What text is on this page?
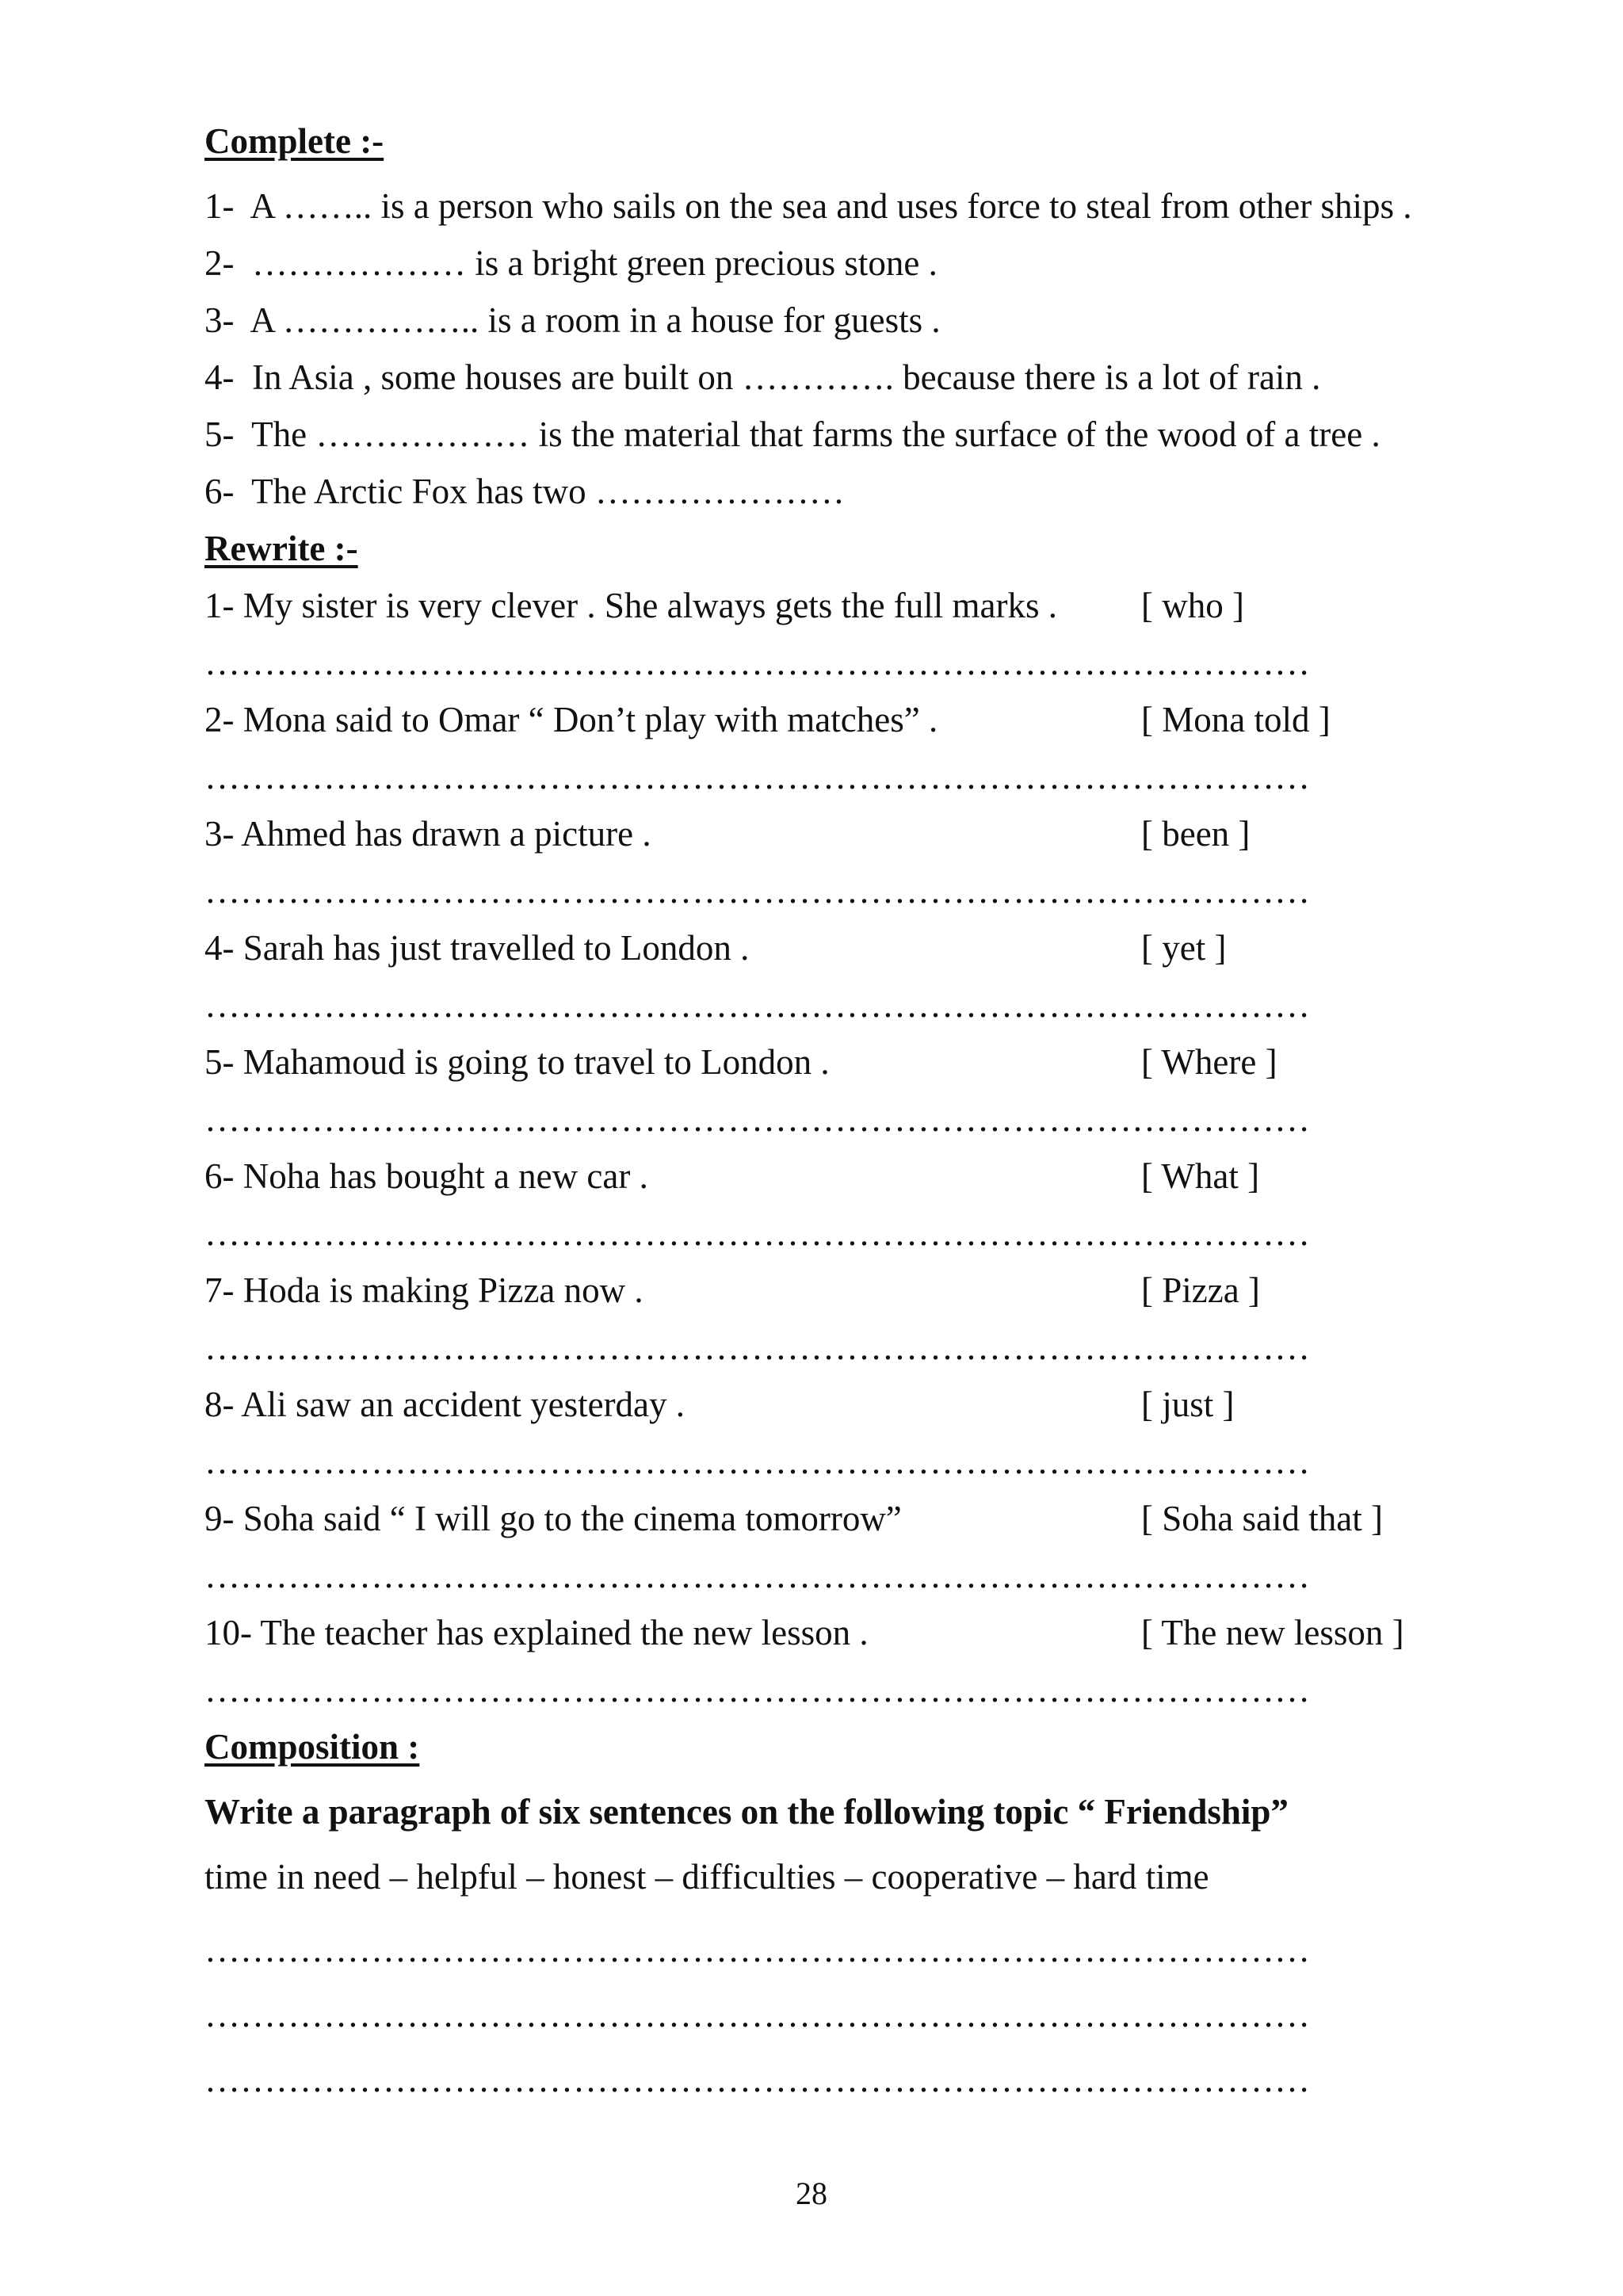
Complete :-
1-  A …….. is a person who sails on the sea and uses force to steal from other ships .
2-  ……………… is a bright green precious stone .
3-  A …………….. is a room in a house for guests .
4-  In Asia , some houses are built on …………. because there is a lot of rain .
5-  The ……………… is the material that farms the surface of the wood of a tree .
6-  The Arctic Fox has two …………………
Rewrite :-
1- My sister is very clever . She always gets the full marks . [ who ]
…………………………………………………………………………………
2- Mona said to Omar “ Don’t play with matches” .	[ Mona told ]
…………………………………………………………………………………
3- Ahmed has drawn a picture .	[ been ]
…………………………………………………………………………………
4- Sarah has just travelled to London .	[ yet ]
…………………………………………………………………………………
5- Mahamoud is going to travel to London .	[ Where ]
…………………………………………………………………………………
6- Noha has bought a new car .	[ What ]
…………………………………………………………………………………
7- Hoda is making Pizza now .	[ Pizza ]
…………………………………………………………………………………
8- Ali saw an accident yesterday .	[ just ]
…………………………………………………………………………………
9- Soha said “ I will go to the cinema tomorrow”	[ Soha said that ]
…………………………………………………………………………………
10- The teacher has explained the new lesson .	[ The new lesson ]
…………………………………………………………………………………
Composition :
Write a paragraph of six sentences on the following topic “ Friendship”
time in need – helpful – honest – difficulties – cooperative – hard time
…………………………………………………………………………………
…………………………………………………………………………………
…………………………………………………………………………………
28
